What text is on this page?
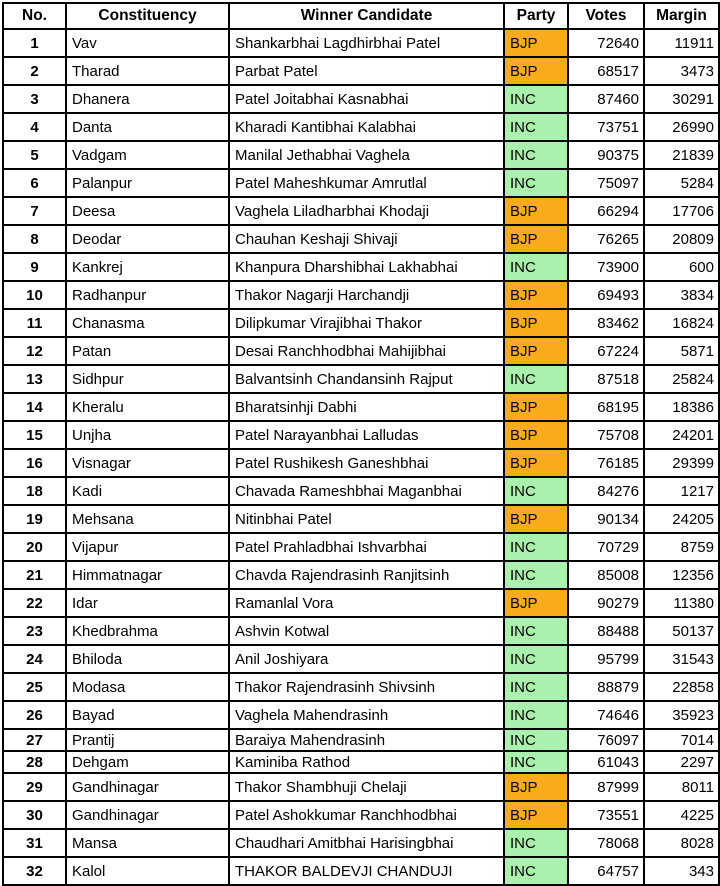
No.	Constituency	Winner Candidate	Party	Votes	Margin
1	Vav	Shankarbhai Lagdhirbhai Patel	BJP	72640	11911
2	Tharad	Parbat Patel	BJP	68517	3473
3	Dhanera	Patel Joitabhai Kasnabhai	INC	87460	30291
4	Danta	Kharadi Kantibhai Kalabhai	INC	73751	26990
5	Vadgam	Manilal Jethabhai Vaghela	INC	90375	21839
6	Palanpur	Patel Maheshkumar Amrutlal	INC	75097	5284
7	Deesa	Vaghela Liladharbhai Khodaji	BJP	66294	17706
8	Deodar	Chauhan Keshaji Shivaji	BJP	76265	20809
9	Kankrej	Khanpura Dharshibhai Lakhabhai	INC	73900	600
10	Radhanpur	Thakor Nagarji Harchandji	BJP	69493	3834
11	Chanasma	Dilipkumar Virajibhai Thakor	BJP	83462	16824
12	Patan	Desai Ranchhodbhai Mahijibhai	BJP	67224	5871
13	Sidhpur	Balvantsinh Chandansinh Rajput	INC	87518	25824
14	Kheralu	Bharatsinhji Dabhi	BJP	68195	18386
15	Unjha	Patel Narayanbhai Lalludas	BJP	75708	24201
16	Visnagar	Patel Rushikesh Ganeshbhai	BJP	76185	29399
18	Kadi	Chavada Rameshbhai Maganbhai	INC	84276	1217
19	Mehsana	Nitinbhai Patel	BJP	90134	24205
20	Vijapur	Patel Prahladbhai Ishvarbhai	INC	70729	8759
21	Himmatnagar	Chavda Rajendrasinh Ranjitsinh	INC	85008	12356
22	Idar	Ramanlal Vora	BJP	90279	11380
23	Khedbrahma	Ashvin Kotwal	INC	88488	50137
24	Bhiloda	Anil Joshiyara	INC	95799	31543
25	Modasa	Thakor Rajendrasinh Shivsinh	INC	88879	22858
26	Bayad	Vaghela Mahendrasinh	INC	74646	35923
27	Prantij	Baraiya Mahendrasinh	INC	76097	7014
28	Dehgam	Kaminiba Rathod	INC	61043	2297
29	Gandhinagar	Thakor Shambhuji Chelaji	BJP	87999	8011
30	Gandhinagar	Patel Ashokkumar Ranchhodbhai	BJP	73551	4225
31	Mansa	Chaudhari Amitbhai Harisingbhai	INC	78068	8028
32	Kalol	THAKOR BALDEVJI CHANDUJI	INC	64757	343
